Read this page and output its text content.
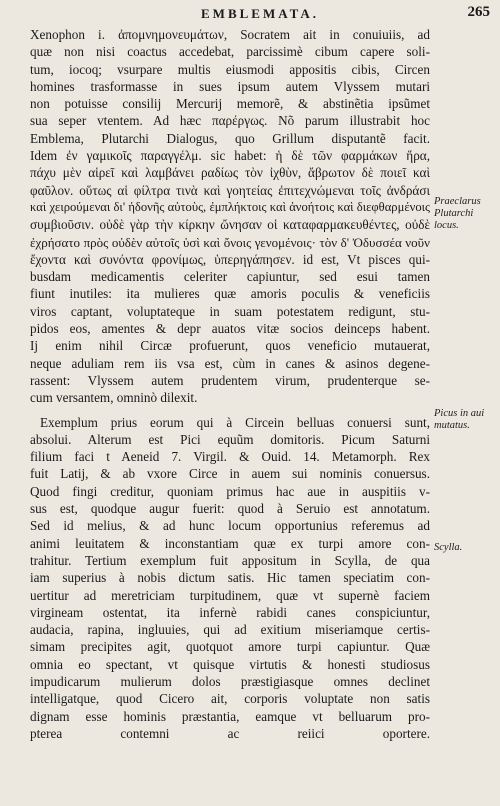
EMBLEMATA.	265
Xenophon i. ἀπομνημονευμάτων, Socratem ait in conuiuiis, ad
quæ non nisi coactus accedebat, parcissimè cibum capere soli-
tum, iocoq; vsurpare multis eiusmodi appositis cibis, Circen
homines trasformasse in sues ipsum autem Vlyssem mutari
non potuisse consilij Mercurij memorẽ, & abstinẽtia ipsũmet
sua seper vtentem. Ad hæc παρέργως. Nõ parum illustrabit hoc
Emblema, Plutarchi Dialogus, quo Grillum disputantẽ facit.
Idem ἐν γαμικοῖς παραγγέλμ. sic habet: ἡ δὲ τῶν φαρμάκων ἥρα,
πάχυ μὲν αἱρεῖ καὶ λαμβάνει ραδίως τὸν ἰχθὺν, ἄβρωτον δὲ ποιεῖ καὶ
φαῦλον. οὕτως αἱ φίλτρα τινὰ καὶ γοητείας ἐπιτεχνώμεναι τοῖς ἀνδράσι
καὶ χειρούμεναι δι' ἡδονῆς αὐτοὺς, ἐμπλήκτοις καὶ ἀνοήτοις καὶ διεφθαρμένοις
συμβιοῦσιν. οὐδὲ γὰρ τὴν κίρκην ὤνησαν οἱ καταφαρμακευθέντες, οὐδὲ
ἐχρήσατο πρὸς οὐδὲν αὐτοῖς ὑσὶ καὶ ὄνοις γενομένοις· τὸν δ' Ὀδυσσέα νοῦν
ἔχοντα καὶ συνόντα φρονίμως, ὑπερηγάπησεν. id est, Vt pisces qui-
busdam medicamentis celeriter capiuntur, sed esui tamen
fiunt inutiles: ita mulieres quæ amoris poculis & veneficiis
viros captant, voluptateque in suam potestatem redigunt, stu-
pidos eos, amentes & depr auatos vitæ socios deinceps habent.
Ij enim nihil Circæ profuerunt, quos veneficio mutauerat,
neque aduliam rem iis vsa est, cùm in canes & asinos degene-
rassent: Vlyssem autem prudentem virum, prudenterque se-
cum versantem, omninò dilexit.
Exemplum prius eorum qui à Circein belluas conuersi sunt,
absolui. Alterum est Pici equũm domitoris. Picum Saturni
filium faci t Aeneid 7. Virgil. & Ouid. 14. Metamorph. Rex
fuit Latij, & ab vxore Circe in auem sui nominis conuersus.
Quod fingi creditur, quoniam primus hac aue in auspitiis v-
sus est, quodque augur fuerit: quod à Seruio est annotatum.
Sed id melius, & ad hunc locum opportunius referemus ad
animi leuitatem & inconstantiam quæ ex turpi amore con-
trahitur. Tertium exemplum fuit appositum in Scylla, de qua
iam superius à nobis dictum satis. Hic tamen speciatim con-
uertitur ad meretriciam turpitudinem, quæ vt supernè faciem
virgineam ostentat, ita infernè rabidi canes conspiciuntur,
audacia, rapina, ingluuies, qui ad exitium miseriamque certis-
simam precipites agit, quotquot amore turpi capiuntur. Quæ
omnia eo spectant, vt quisque virtutis & honesti studiosus
impudicarum mulierum dolos præstigiasque omnes declinet
intelligatque, quod Cicero ait, corporis voluptate non satis
dignam esse hominis præstantia, eamque vt belluarum pro-
pterea contemni ac reiici oportere.
Praeclarus Plutarchi locus.
Picus in aui mutatus.
Scylla.
